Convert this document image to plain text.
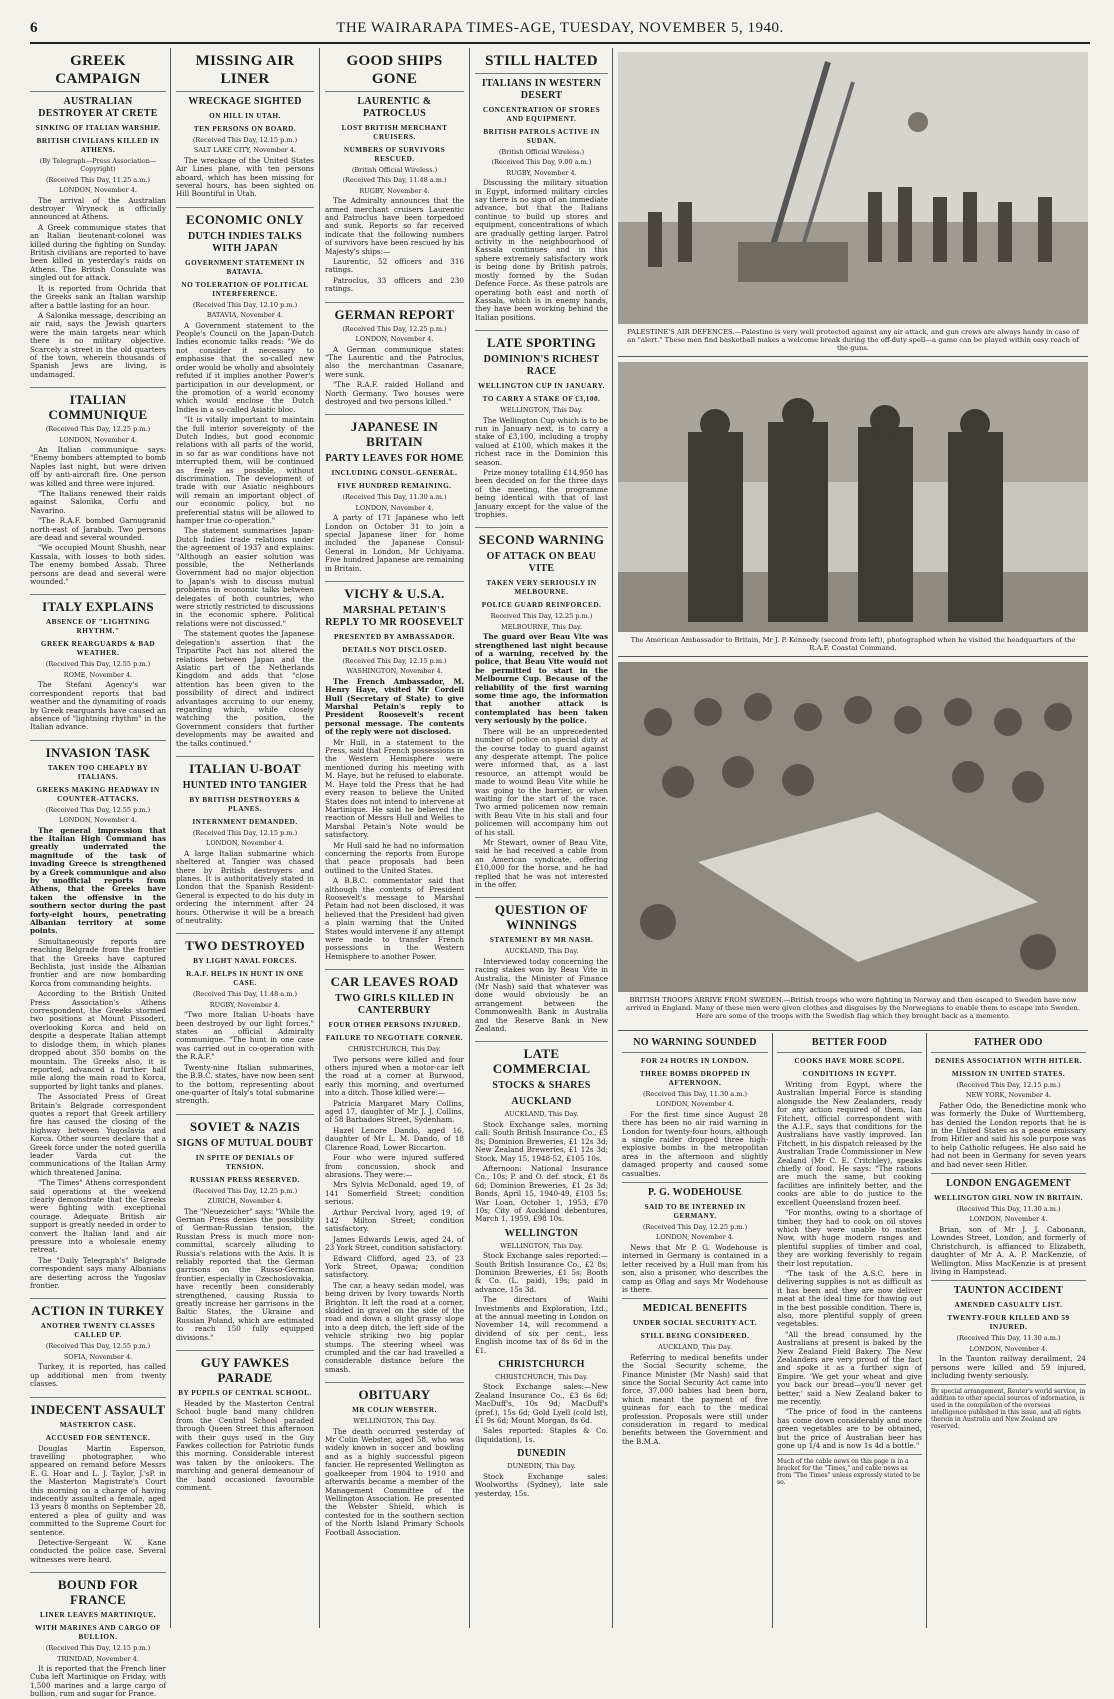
6	THE WAIRARAPA TIMES-AGE, TUESDAY, NOVEMBER 5, 1940.
GREEK CAMPAIGN
AUSTRALIAN DESTROYER AT CRETE
SINKING OF ITALIAN WARSHIP.
BRITISH CIVILIANS KILLED IN ATHENS.
(By Telegraph—Press Association—Copyright)
(Received This Day, 11.25 a.m.)
LONDON, November 4.

The arrival of the Australian destroyer Wryneck is officially announced at Athens.

A Greek communique states that an Italian lieutenant-colonel was killed during the fighting on Sunday. British civilians are reported to have been killed in yesterday's raids on Athens. The British Consulate was singled out for attack.

It is reported from Ochrida that the Greeks sank an Italian warship after a battle lasting for an hour.

A Salonika message, describing an air raid, says the Jewish quarters were the main targets near which there is no military objective. Scarcely a street in the old quarters of the town, wherein thousands of Spanish Jews are living, is undamaged.

ITALIAN COMMUNIQUE
(Received This Day, 12.25 p.m.)
LONDON, November 4.

An Italian communique says: "Enemy bombers attempted to bomb Naples last night, but were driven off by anti-aircraft fire. One person was killed and three were injured.

"The Italians renewed their raids against Salonika, Corfu and Navarino.

"The R.A.F. bombed Garnugranid north-east of Jarabub. Two persons are dead and several wounded.

"We occupied Mount Shushh, near Kassala, with losses to both sides. The enemy bombed Assab. Three persons are dead and several were wounded."

ITALY EXPLAINS
ABSENCE OF "LIGHTNING RHYTHM."
GREEK REARGUARDS & BAD WEATHER.
(Received This Day, 12.55 p.m.)
ROME, November 4.

The Stefani Agency's war correspondent reports that bad weather and the dynamiting of roads by Greek rearguards have caused an absence of "lightning rhythm" in the Italian advance.

INVASION TASK
TAKEN TOO CHEAPLY BY ITALIANS.
GREEKS MAKING HEADWAY IN COUNTER-ATTACKS.
(Received This Day, 12.55 p.m.)
LONDON, November 4.

The general impression that the Italian High Command has greatly underrated the magnitude of the task of invading Greece is strengthened by a Greek communique and also by unofficial reports from Athens, that the Greeks have taken the offensive in the southern sector during the past forty-eight hours, penetrating Albanian territory at some points.

Simultaneously reports are reaching Belgrade from the frontier that the Greeks have captured Bechlista, just inside the Albanian frontier and are now bombarding Korca from commanding heights.

According to the British United Press Association's Athens correspondent, the Greeks stormed two positions at Mount Pissoderi, overlooking Korca and held on despite a desperate Italian attempt to dislodge them, in which planes dropped about 350 bombs on the mountain. The Greeks also, it is reported, advanced a further half mile along the main road to Korca, supported by light tanks and planes.

The Associated Press of Great Britain's Belgrade correspondent quotes a report that Greek artillery fire has caused the closing of the highway between Yugoslavia and Korca. Other sources declare that a Greek force under the noted guerilla leader Varda cut the communications of the Italian Army which threatened Janina.

"The Times" Athens correspondent said operations at the weekend clearly demonstrate that the Greeks were fighting with exceptional courage. Adequate British air support is greatly needed in order to convert the Italian land and air pressure into a wholesale enemy retreat.

The "Daily Telegraph's" Belgrade correspondent says many Albanians are deserting across the Yugoslav frontier.

ACTION IN TURKEY
ANOTHER TWENTY CLASSES CALLED UP.
(Received This Day, 12.55 p.m.)
SOFIA, November 4.

Turkey, it is reported, has called up additional men from twenty classes.

INDECENT ASSAULT
MASTERTON CASE.
ACCUSED FOR SENTENCE.

Douglas Martin Esperson, travelling photographer, who appeared on remand before Messrs E. G. Hoar and L. J. Taylor, J.'sP. in the Masterton Magistrate's Court this morning on a charge of having indecently assaulted a female, aged 13 years 8 months on September 28, entered a plea of guilty and was committed to the Supreme Court for sentence.

Detective-Sergeant W. Kane conducted the police case. Several witnesses were heard.

BOUND FOR FRANCE
LINER LEAVES MARTINIQUE.
WITH MARINES AND CARGO OF BULLION.
(Received This Day, 12.15 p.m.)
TRINIDAD, November 4.

It is reported that the French liner Cuba left Martinique on Friday, with 1,500 marines and a large cargo of bullion, rum and sugar for France.

MISSING AIR LINER
WRECKAGE SIGHTED
ON HILL IN UTAH.
TEN PERSONS ON BOARD.
(Received This Day, 12.15 p.m.)
SALT LAKE CITY, November 4.

The wreckage of the United States Air Lines plane, with ten persons aboard, which has been missing for several hours, has been sighted on Hill Bountiful in Utah.

ECONOMIC ONLY
DUTCH INDIES TALKS WITH JAPAN
GOVERNMENT STATEMENT IN BATAVIA.
NO TOLERATION OF POLITICAL INTERFERENCE.
(Received This Day, 12.10 p.m.)
BATAVIA, November 4.

A Government statement to the People's Council on the Japan-Dutch Indies economic talks reads: "We do not consider it necessary to emphasise that the so-called new order would be wholly and absolutely refuted if it implies another Power's participation in our development, or the promotion of a world economy which would enclose the Dutch Indies in a so-called Asiatic bloc.

"It is vitally important to maintain the full interior sovereignty of the Dutch Indies, but good economic relations with all parts of the world, in so far as war conditions have not interrupted them, will be continued as freely as possible, without discrimination. The development of trade with our Asiatic neighbours will remain an important object of our economic policy, but no preferential status will be allowed to hamper true co-operation."

The statement summarises Japan-Dutch Indies trade relations under the agreement of 1937 and explains: "Although an easier solution was possible, the Netherlands Government had no major objection to Japan's wish to discuss mutual problems in economic talks between delegates of both countries, who were strictly restricted to discussions in the economic sphere. Political relations were not discussed."

The statement quotes the Japanese delegation's assertion that the Tripartite Pact has not altered the relations between Japan and the Asiatic part of the Netherlands Kingdom and adds that "close attention has been given to the possibility of direct and indirect advantages accruing to our enemy, regarding which, while closely watching the position, the Government considers that further developments may be awaited and the talks continued."

ITALIAN U-BOAT
HUNTED INTO TANGIER
BY BRITISH DESTROYERS & PLANES.
INTERNMENT DEMANDED.
(Received This Day, 12.15 p.m.)
LONDON, November 4.

A large Italian submarine which sheltered at Tangier was chased there by British destroyers and planes. It is authoritatively stated in London that the Spanish Resident-General is expected to do his duty in ordering the internment after 24 hours. Otherwise it will be a breach of neutrality.

TWO DESTROYED
BY LIGHT NAVAL FORCES.
R.A.F. HELPS IN HUNT IN ONE CASE.
(Received This Day, 11.48 a.m.)
RUGBY, November 4.

"Two more Italian U-boats have been destroyed by our light forces," states an official Admiralty communique. "The hunt in one case was carried out in co-operation with the R.A.F."

Twenty-nine Italian submarines, the B.B.C. states, have now been sent to the bottom, representing about one-quarter of Italy's total submarine strength.

SOVIET & NAZIS
SIGNS OF MUTUAL DOUBT
IN SPITE OF DENIALS OF TENSION.
RUSSIAN PRESS RESERVED.
(Received This Day, 12.25 p.m.)
ZURICH, November 4.

The "Neuezeicher" says: "While the German Press denies the possibility of German-Russian tension, the Russian Press is much more non-committal, scarcely alluding to Russia's relations with the Axis. It is reliably reported that the German garrisons on the Russo-German frontier, especially in Czechoslovakia, have recently been considerably strengthened, causing Russia to greatly increase her garrisons in the Baltic States, the Ukraine and Russian Poland, which are estimated to reach 150 fully equipped divisions."

GUY FAWKES PARADE
BY PUPILS OF CENTRAL SCHOOL.

Headed by the Masterton Central School bugle band many children from the Central School paraded through Queen Street this afternoon with their guys used in the Guy Fawkes collection for Patriotic funds this morning. Considerable interest was taken by the onlookers. The marching and general demeanour of the band occasioned favourable comment.

GOOD SHIPS GONE
LAURENTIC & PATROCLUS
LOST BRITISH MERCHANT CRUISERS.
NUMBERS OF SURVIVORS RESCUED.
(British Official Wireless.)
(Received This Day, 11.48 a.m.)
RUGBY, November 4.

The Admiralty announces that the armed merchant cruisers Laurentic and Patroclus have been torpedoed and sunk. Reports so far received indicate that the following numbers of survivors have been rescued by his Majesty's ships:—

Laurentic, 52 officers and 316 ratings.

Patroclus, 33 officers and 230 ratings.

GERMAN REPORT
(Received This Day, 12.25 p.m.)
LONDON, November 4.

A German communique states: "The Laurentic and the Patroclus, also the merchantman Casanare, were sunk.

"The R.A.F. raided Holland and North Germany. Two houses were destroyed and two persons killed."

JAPANESE IN BRITAIN
PARTY LEAVES FOR HOME
INCLUDING CONSUL-GENERAL.
FIVE HUNDRED REMAINING.
(Received This Day, 11.30 a.m.)
LONDON, November 4.

A party of 171 Japanese who left London on October 31 to join a special Japanese liner for home included the Japanese Consul-General in London, Mr Uchiyama. Five hundred Japanese are remaining in Britain.

VICHY & U.S.A.
MARSHAL PETAIN'S REPLY TO MR ROOSEVELT
PRESENTED BY AMBASSADOR.
DETAILS NOT DISCLOSED.
(Received This Day, 12.15 p.m.)
WASHINGTON, November 4.

The French Ambassador, M. Henry Haye, visited Mr Cordell Hull (Secretary of State) to give Marshal Petain's reply to President Roosevelt's recent personal message. The contents of the reply were not disclosed.

Mr Hull, in a statement to the Press, said that French possessions in the Western Hemisphere were mentioned during his meeting with M. Haye, but he refused to elaborate. M. Haye told the Press that he had every reason to believe the United States does not intend to intervene at Martinique. He said he believed the reaction of Messrs Hull and Welles to Marshal Petain's Note would be satisfactory.

Mr Hull said he had no information concerning the reports from Europe that peace proposals had been outlined to the United States.

A B.B.C. commentator said that although the contents of President Roosevelt's message to Marshal Petain had not been disclosed, it was believed that the President had given a plain warning that the United States would intervene if any attempt were made to transfer French possessions in the Western Hemisphere to another Power.

CAR LEAVES ROAD
TWO GIRLS KILLED IN CANTERBURY
FOUR OTHER PERSONS INJURED.
FAILURE TO NEGOTIATE CORNER.
CHRISTCHURCH, This Day.

Two persons were killed and four others injured when a motor-car left the road at a corner at Burwood, early this morning, and overturned into a ditch. Those killed were:—

Patricia Margaret Mary Collins, aged 17, daughter of Mr J. J. Collins, of 58 Barbadoes Street, Sydenham.

Hazel Lenore Dando, aged 16, daughter of Mr L. M. Dando, of 18 Clarence Road, Lower Riccarton.

Four who were injured suffered from concussion, shock and abrasions. They were:—

Mrs Sylvia McDonald, aged 19, of 141 Somerfield Street; condition serious.

Arthur Percival Ivory, aged 19, of 142 Milton Street; condition satisfactory.

James Edwards Lewis, aged 24, of 23 York Street, condition satisfactory.

Edward Clifford, aged 23, of 23 York Street, Opawa; condition satisfactory.

The car, a heavy sedan model, was being driven by Ivory towards North Brighton. It left the road at a corner, skidded in gravel on the side of the road and down a slight grassy slope into a deep ditch, the left side of the vehicle striking two big poplar stumps. The steering wheel was crumpled and the car had travelled a considerable distance before the smash.

OBITUARY
MR COLIN WEBSTER.
WELLINGTON, This Day.

The death occurred yesterday of Mr Colin Webster, aged 58, who was widely known in soccer and bowling and as a highly successful pigeon fancier. He represented Wellington as goalkeeper from 1904 to 1910 and afterwards became a member of the Management Committee of the Wellington Association. He presented the Webster Shield, which is contested for in the southern section of the North Island Primary Schools Football Association.

STILL HALTED
ITALIANS IN WESTERN DESERT
CONCENTRATION OF STORES AND EQUIPMENT.
BRITISH PATROLS ACTIVE IN SUDAN.
(British Official Wireless.)
(Received This Day, 9.00 a.m.)
RUGBY, November 4.

Discussing the military situation in Egypt, informed military circles say there is no sign of an immediate advance, but that the Italians continue to build up stores and equipment, concentrations of which are gradually getting larger. Patrol activity in the neighbourhood of Kassala continues and in this sphere extremely satisfactory work is being done by British patrols, mostly formed by the Sudan Defence Force. As these patrols are operating both east and north of Kassala, which is in enemy hands, they have been working behind the Italian positions.

LATE SPORTING
DOMINION'S RICHEST RACE
WELLINGTON CUP IN JANUARY.
TO CARRY A STAKE OF £3,100.
WELLINGTON, This Day.

The Wellington Cup which is to be run in January next, is to carry a stake of £3,100, including a trophy valued at £100, which makes it the richest race in the Dominion this season.

Prize money totalling £14,950 has been decided on for the three days of the meeting, the programme being identical with that of last January except for the value of the trophies.

SECOND WARNING
OF ATTACK ON BEAU VITE
TAKEN VERY SERIOUSLY IN MELBOURNE.
POLICE GUARD REINFORCED.
Received This Day, 12.25 p.m.)
MELBOURNE, This Day.

The guard over Beau Vite was strengthened last night because of a warning, received by the police, that Beau Vite would not be permitted to start in the Melbourne Cup. Because of the reliability of the first warning some time ago, the information that another attack is contemplated has been taken very seriously by the police.

There will be an unprecedented number of police on special duty at the course today to guard against any desperate attempt. The police were informed that, as a last resource, an attempt would be made to wound Beau Vite while he was going to the barrier, or when waiting for the start of the race. Two armed policemen now remain with Beau Vite in his stall and four policemen will accompany him out of his stall.

Mr Stewart, owner of Beau Vite, said he had received a cable from an American syndicate, offering £10,000 for the horse, and he had replied that he was not interested in the offer.

QUESTION OF WINNINGS
STATEMENT BY MR NASH.
AUCKLAND, This Day.

Interviewed today concerning the racing stakes won by Beau Vite in Australia, the Minister of Finance (Mr Nash) said that whatever was done would obviously be an arrangement between the Commonwealth Bank in Australia and the Reserve Bank in New Zealand.

LATE COMMERCIAL
STOCKS & SHARES
AUCKLAND
AUCKLAND, This Day.

Stock Exchange sales, morning call: South British Insurance Co., £5 8s; Dominion Breweries, £1 12s 3d; New Zealand Breweries, £1 12s 3d; Stock, May 15, 1948-52, £105 10s.

Afternoon: National Insurance Co., 10s; P. and O. def. stock, £1 8s 6d; Dominion Breweries, £1 2s 3d; Bonds, April 15, 1940-49, £103 5s; War Loan, October 1, 1953, £70 10s; City of Auckland debentures, March 1, 1959, £98 10s.

WELLINGTON
WELLINGTON, This Day.

Stock Exchange sales reported:—South British Insurance Co., £2 8s; Dominion Breweries, £1 5s; Booth & Co. (L. paid), 19s; paid in advance, 15s 3d.

The directors of Waihi Investments and Exploration, Ltd., at the annual meeting in London on November 14, will recommend a dividend of six per cent., less English income tax of 8s 6d in the £1.

CHRISTCHURCH
CHRISTCHURCH, This Day.

Stock Exchange sales:—New Zealand Insurance Co., £3 6s 6d; MacDuff's, 10s 9d; MacDuff's (pref.), 15s 6d; Gold Lyell (cold lst), £1 9s 6d; Mount Morgan, 8s 6d.

Sales reported: Staples & Co. (liquidation), 1s.

DUNEDIN
DUNEDIN, This Day.

Stock Exchange sales: Woolworths (Sydney), late sale yesterday, 15s.

PALESTINE'S AIR DEFENCES.—Palestine is very well protected against any air attack, and gun crews are always handy in case of an "alert." These men find basketball makes a welcome break during the off-duty spell—a game can be played within easy reach of the guns.
The American Ambassador to Britain, Mr J. P. Kennedy (second from left), photographed when he visited the headquarters of the R.A.F. Coastal Command.
BRITISH TROOPS ARRIVE FROM SWEDEN.—British troops who were fighting in Norway and then escaped to Sweden have now arrived in England. Many of these men were given clothes and disguises by the Norwegians to enable them to escape into Sweden. Here are some of the troops with the Swedish flag which they brought back as a memento.
NO WARNING SOUNDED
FOR 24 HOURS IN LONDON.
THREE BOMBS DROPPED IN AFTERNOON.
(Received This Day, 11.30 a.m.)
LONDON, November 4.

For the first time since August 28 there has been no air raid warning in London for twenty-four hours, although a single raider dropped three high-explosive bombs in the metropolitan area in the afternoon and slightly damaged property and caused some casualties.

P. G. WODEHOUSE
SAID TO BE INTERNED IN GERMANY.
(Received This Day, 12.25 p.m.)
LONDON, November 4.

News that Mr P. G. Wodehouse is interned in Germany is contained in a letter received by a Hull man from his son, also a prisoner, who describes the camp as Oflag and says Mr Wodehouse is there.

MEDICAL BENEFITS
UNDER SOCIAL SECURITY ACT.
STILL BEING CONSIDERED.
AUCKLAND, This Day.

Referring to medical benefits under the Social Security scheme, the Finance Minister (Mr Nash) said that since the Social Security Act came into force, 37,000 babies had been born, which meant the payment of five guineas for each to the medical profession. Proposals were still under consideration in regard to medical benefits between the Government and the B.M.A.

BETTER FOOD
COOKS HAVE MORE SCOPE.
CONDITIONS IN EGYPT.

Writing from Egypt, where the Australian Imperial Force is standing alongside the New Zealanders, ready for any action required of them, Ian Fitchett, official correspondent with the A.I.F., says that conditions for the Australians have vastly improved. Ian Fitchett, in his dispatch released by the Australian Trade Commissioner in New Zealand (Mr C. E. Critchley), speaks chiefly of food. He says: "The rations are much the same, but cooking facilities are infinitely better, and the cooks are able to do justice to the excellent Queensland frozen beef.

"For months, owing to a shortage of timber, they had to cook on oil stoves which they were unable to master. Now, with huge modern ranges and plentiful supplies of timber and coal, they are working feverishly to regain their lost reputation.

"The task of the A.S.C. here in delivering supplies is not as difficult as it has been and they are now deliver meat at the ideal time for thawing out in the best possible condition. There is, also, more plentiful supply of green vegetables.

"All the bread consumed by the Australians at present is baked by the New Zealand Field Bakery. The New Zealanders are very proud of the fact and spoke it as a further sign of Empire. 'We get your wheat and give you back our bread—you'll never get better,' said a New Zealand baker to me recently.

"The price of food in the canteens has come down considerably and more green vegetables are to be obtained, but the price of Australian beer has gone up 1/4 and is now 1s 4d a bottle."

Much of the cable news on this page is in a bracket for the "Times," and cable news as from "The Times" unless expressly stated to be so.
FATHER ODO
DENIES ASSOCIATION WITH HITLER.
MISSION IN UNITED STATES.
(Received This Day, 12.15 p.m.)
NEW YORK, November 4.

Father Odo, the Benedictine monk who was formerly the Duke of Wurttemberg, has denied the London reports that he is in the United States as a peace emissary from Hitler and said his sole purpose was to help Catholic refugees. He also said he had not been in Germany for seven years and had never seen Hitler.

LONDON ENGAGEMENT
WELLINGTON GIRL NOW IN BRITAIN.
(Received This Day, 11.30 a.m.)
LONDON, November 4.

Brian, son of Mr J. J. Cabonann, Lowndes Street, London, and formerly of Christchurch, is affianced to Elizabeth, daughter of Mr A. A. P. MacKenzie, of Wellington. Miss MacKenzie is at present living in Hampstead.

TAUNTON ACCIDENT
AMENDED CASUALTY LIST.
TWENTY-FOUR KILLED AND 59 INJURED.
(Received This Day, 11.30 a.m.)
LONDON, November 4.

In the Taunton railway derailment, 24 persons were killed and 59 injured, including twenty seriously.

By special arrangement, Reuter's world service, in addition to other special sources of information, is used in the compilation of the overseas intelligence published in this issue, and all rights therein in Australia and New Zealand are reserved.
